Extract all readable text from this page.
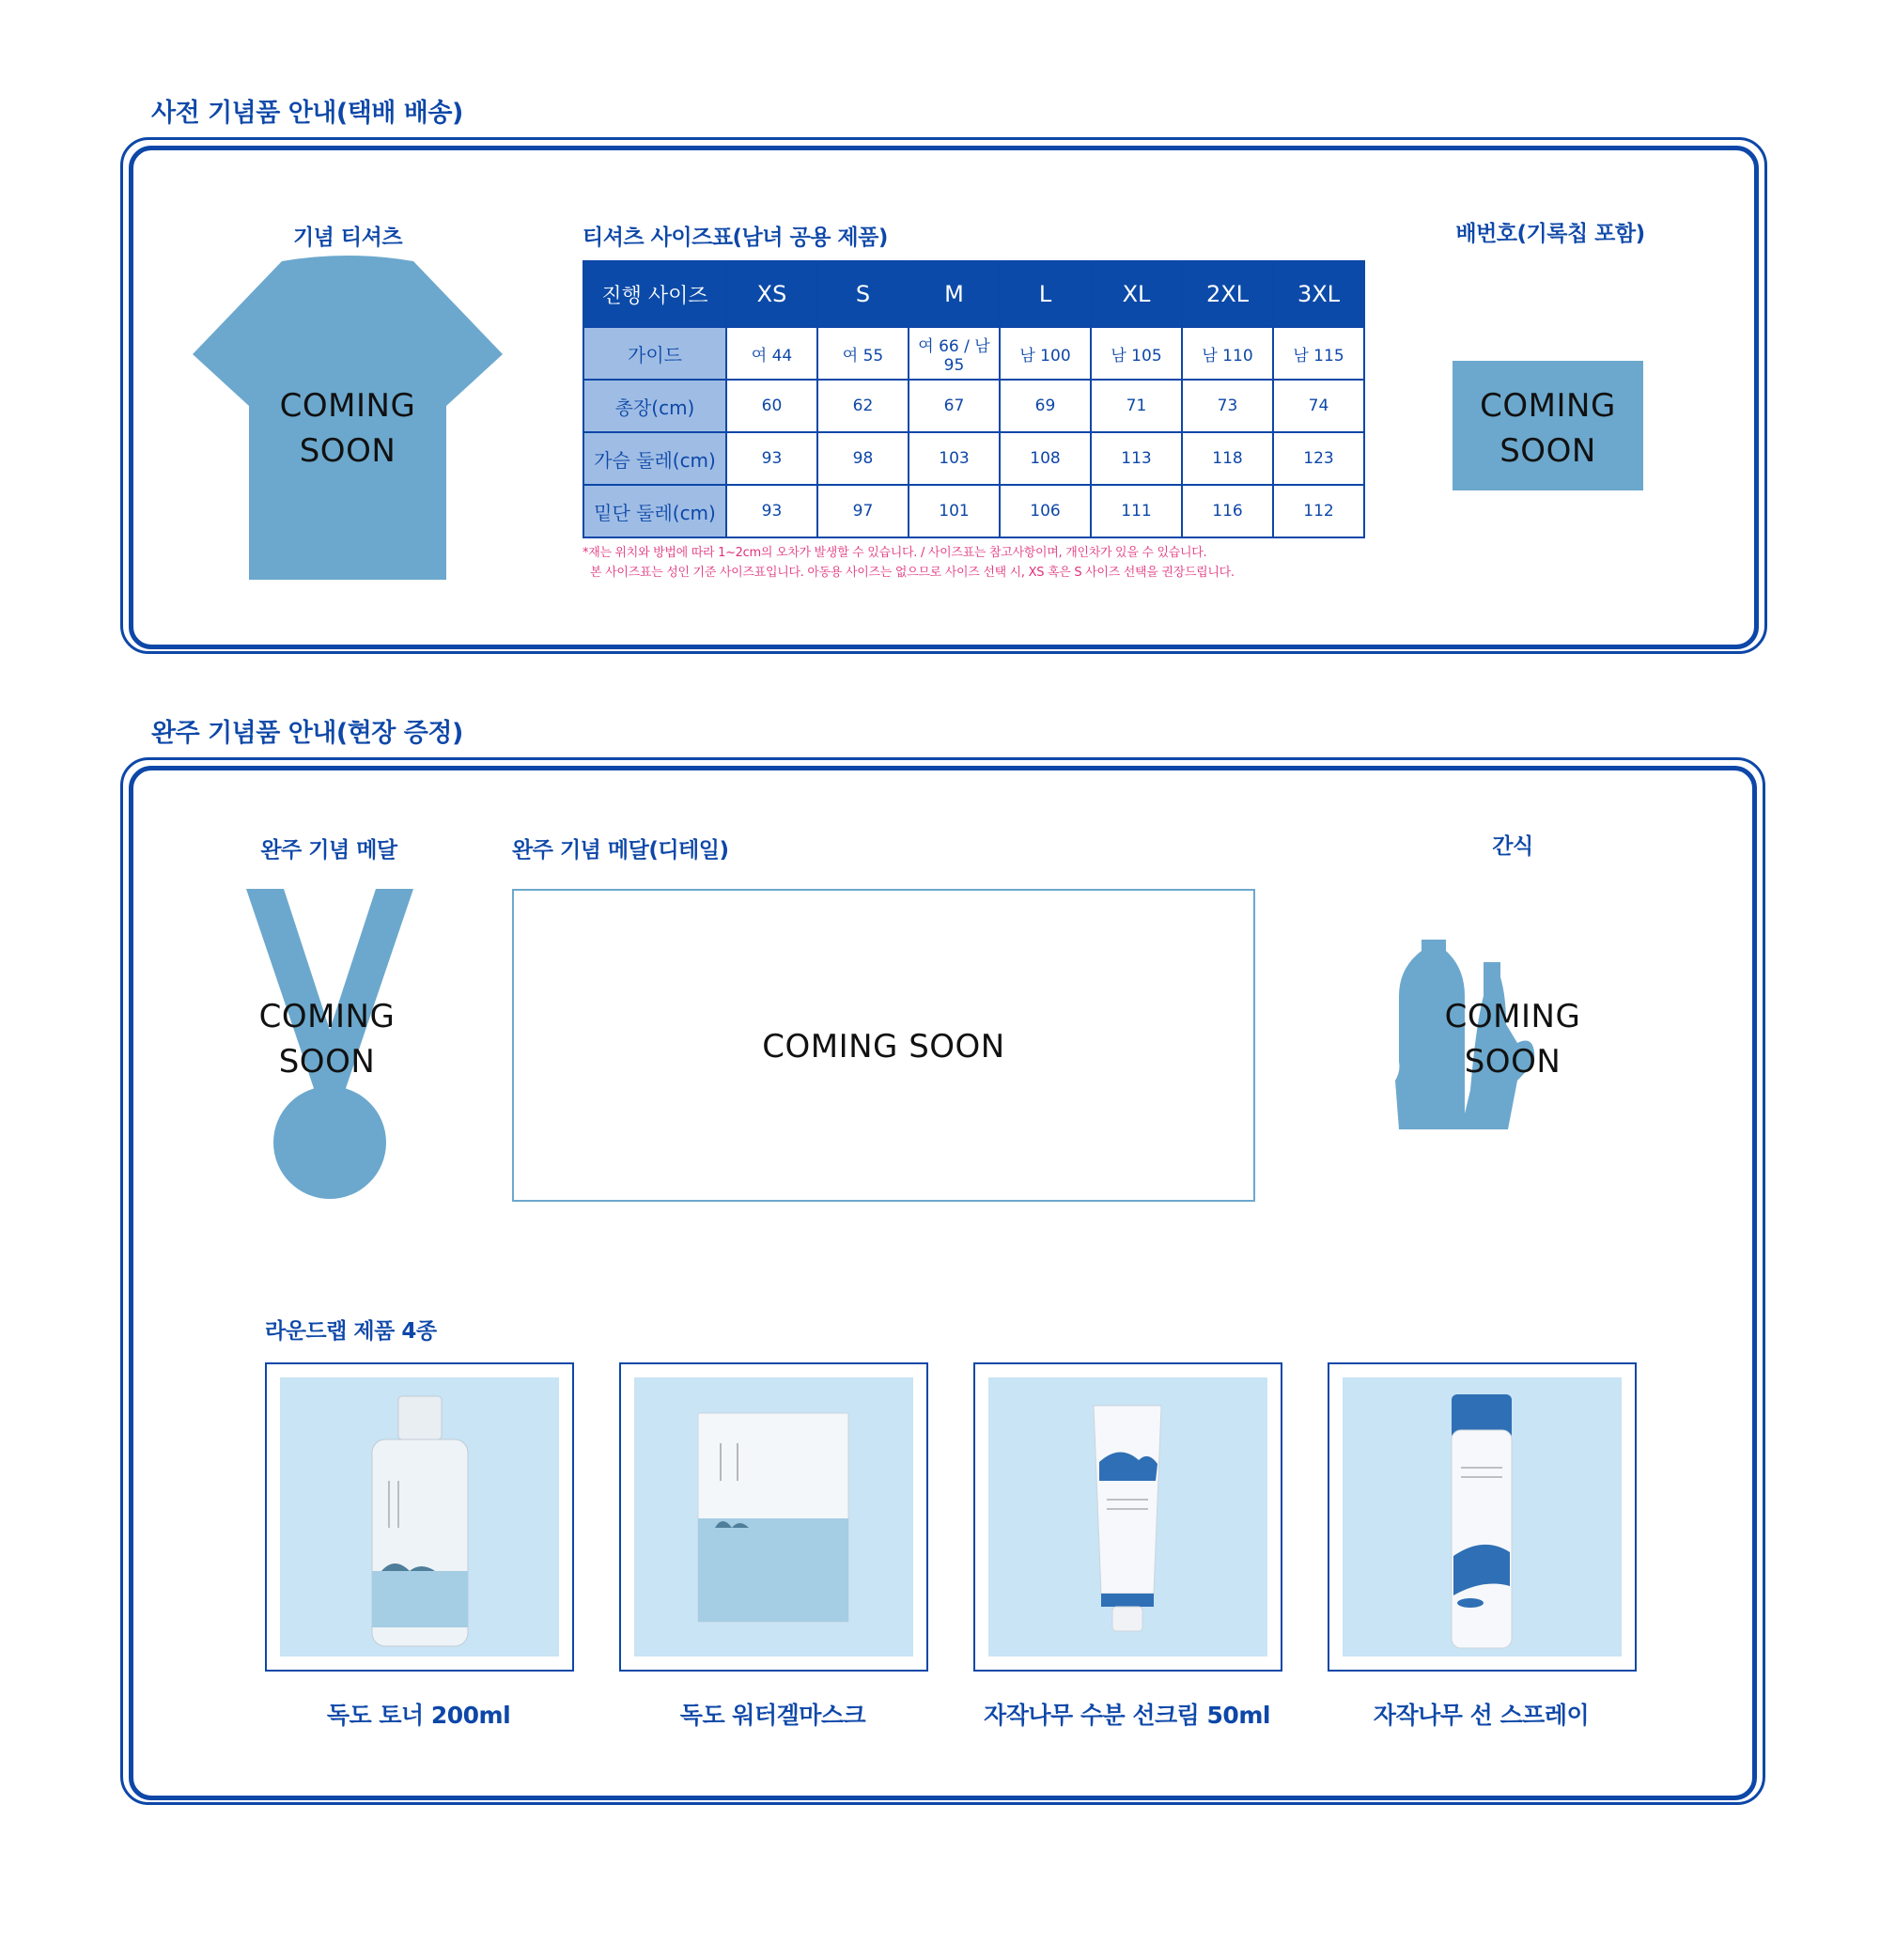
사전 기념품 안내(택배 배송)
기념 티셔츠
COMING
SOON
티셔츠 사이즈표(남녀 공용 제품)
진행 사이즈	XS	S	M	L	XL	2XL	3XL
가이드	여 44	여 55	여 66 / 남 95	남 100	남 105	남 110	남 115
총장(cm)	60	62	67	69	71	73	74
가슴 둘레(cm)	93	98	103	108	113	118	123
밑단 둘레(cm)	93	97	101	106	111	116	112
*재는 위치와 방법에 따라 1~2cm의 오차가 발생할 수 있습니다. / 사이즈표는 참고사항이며, 개인차가 있을 수 있습니다.
본 사이즈표는 성인 기준 사이즈표입니다. 아동용 사이즈는 없으므로 사이즈 선택 시, XS 혹은 S 사이즈 선택을 권장드립니다.
배번호(기록칩 포함)
COMING
SOON
완주 기념품 안내(현장 증정)
완주 기념 메달
COMING
SOON
완주 기념 메달(디테일)
COMING SOON
간식
COMING
SOON
라운드랩 제품 4종
독도 토너 200ml	독도 워터겔마스크	자작나무 수분 선크림 50ml	자작나무 선 스프레이
